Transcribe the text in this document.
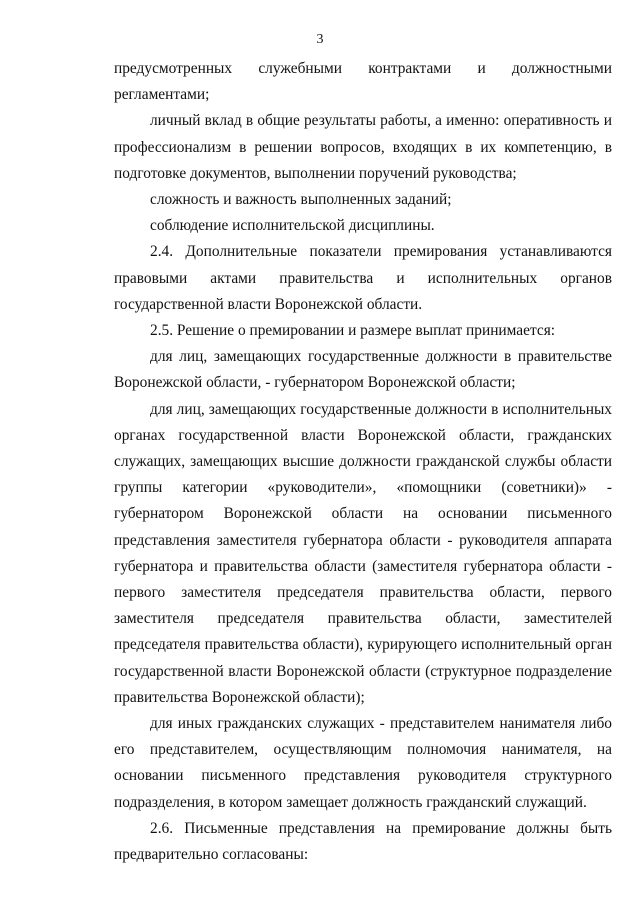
3

предусмотренных служебными контрактами и должностными регламентами;

личный вклад в общие результаты работы, а именно: оперативность и профессионализм в решении вопросов, входящих в их компетенцию, в подготовке документов, выполнении поручений руководства;

сложность и важность выполненных заданий;

соблюдение исполнительской дисциплины.

2.4. Дополнительные показатели премирования устанавливаются правовыми актами правительства и исполнительных органов государственной власти Воронежской области.

2.5. Решение о премировании и размере выплат принимается:

для лиц, замещающих государственные должности в правительстве Воронежской области, - губернатором Воронежской области;

для лиц, замещающих государственные должности в исполнительных органах государственной власти Воронежской области, гражданских служащих, замещающих высшие должности гражданской службы области группы категории «руководители», «помощники (советники)» - губернатором Воронежской области на основании письменного представления заместителя губернатора области - руководителя аппарата губернатора и правительства области (заместителя губернатора области - первого заместителя председателя правительства области, первого заместителя председателя правительства области, заместителей председателя правительства области), курирующего исполнительный орган государственной власти Воронежской области (структурное подразделение правительства Воронежской области);

для иных гражданских служащих - представителем нанимателя либо его представителем, осуществляющим полномочия нанимателя, на основании письменного представления руководителя структурного подразделения, в котором замещает должность гражданский служащий.

2.6. Письменные представления на премирование должны быть предварительно согласованы:
